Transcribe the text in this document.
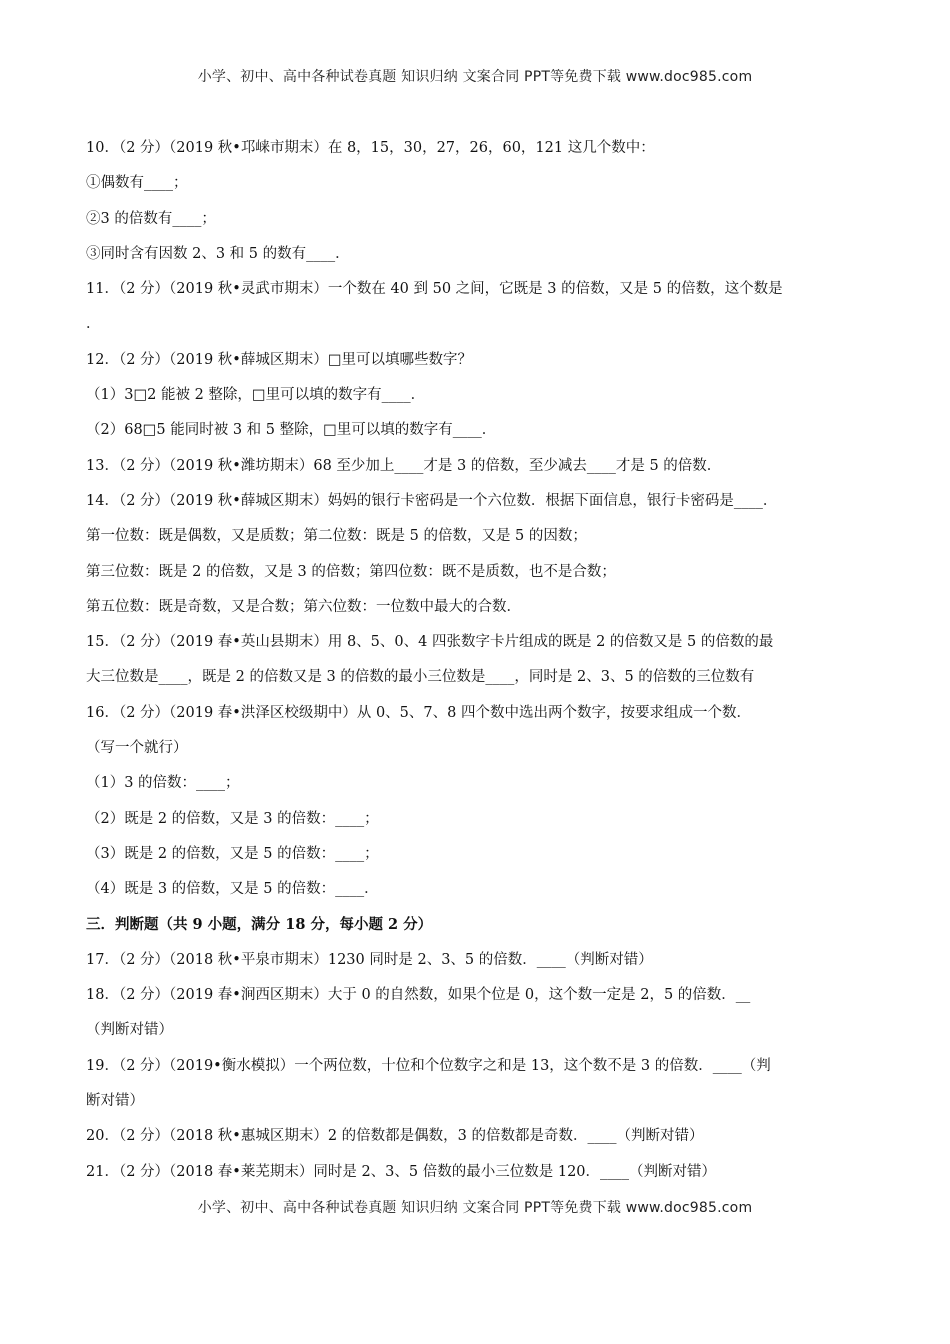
小学、初中、高中各种试卷真题 知识归纳 文案合同 PPT等免费下载 www.doc985.com
10．（2 分）（2019 秋•邛崃市期末）在 8，15，30，27，26，60，121 这几个数中：
①偶数有____；
②3 的倍数有____；
③同时含有因数 2、3 和 5 的数有____．
11．（2 分）（2019 秋•灵武市期末）一个数在 40 到 50 之间，它既是 3 的倍数，又是 5 的倍数，这个数是
．
12．（2 分）（2019 秋•薛城区期末）□里可以填哪些数字？
（1）3□2 能被 2 整除，□里可以填的数字有____．
（2）68□5 能同时被 3 和 5 整除，□里可以填的数字有____．
13．（2 分）（2019 秋•潍坊期末）68 至少加上____才是 3 的倍数，至少减去____才是 5 的倍数．
14．（2 分）（2019 秋•薛城区期末）妈妈的银行卡密码是一个六位数．根据下面信息，银行卡密码是____．
第一位数：既是偶数，又是质数；第二位数：既是 5 的倍数，又是 5 的因数；
第三位数：既是 2 的倍数，又是 3 的倍数；第四位数：既不是质数，也不是合数；
第五位数：既是奇数，又是合数；第六位数：一位数中最大的合数．
15．（2 分）（2019 春•英山县期末）用 8、5、0、4 四张数字卡片组成的既是 2 的倍数又是 5 的倍数的最
大三位数是____，既是 2 的倍数又是 3 的倍数的最小三位数是____，同时是 2、3、5 的倍数的三位数有
16．（2 分）（2019 春•洪泽区校级期中）从 0、5、7、8 四个数中选出两个数字，按要求组成一个数．
（写一个就行）
（1）3 的倍数：____；
（2）既是 2 的倍数，又是 3 的倍数：____；
（3）既是 2 的倍数，又是 5 的倍数：____；
（4）既是 3 的倍数，又是 5 的倍数：____．
三．判断题（共 9 小题，满分 18 分，每小题 2 分）
17．（2 分）（2018 秋•平泉市期末）1230 同时是 2、3、5 的倍数．____（判断对错）
18．（2 分）（2019 春•涧西区期末）大于 0 的自然数，如果个位是 0，这个数一定是 2，5 的倍数．__
（判断对错）
19．（2 分）（2019•衡水模拟）一个两位数，十位和个位数字之和是 13，这个数不是 3 的倍数．____（判
断对错）
20．（2 分）（2018 秋•惠城区期末）2 的倍数都是偶数，3 的倍数都是奇数．____（判断对错）
21．（2 分）（2018 春•莱芜期末）同时是 2、3、5 倍数的最小三位数是 120．____（判断对错）
小学、初中、高中各种试卷真题 知识归纳 文案合同 PPT等免费下载 www.doc985.com
